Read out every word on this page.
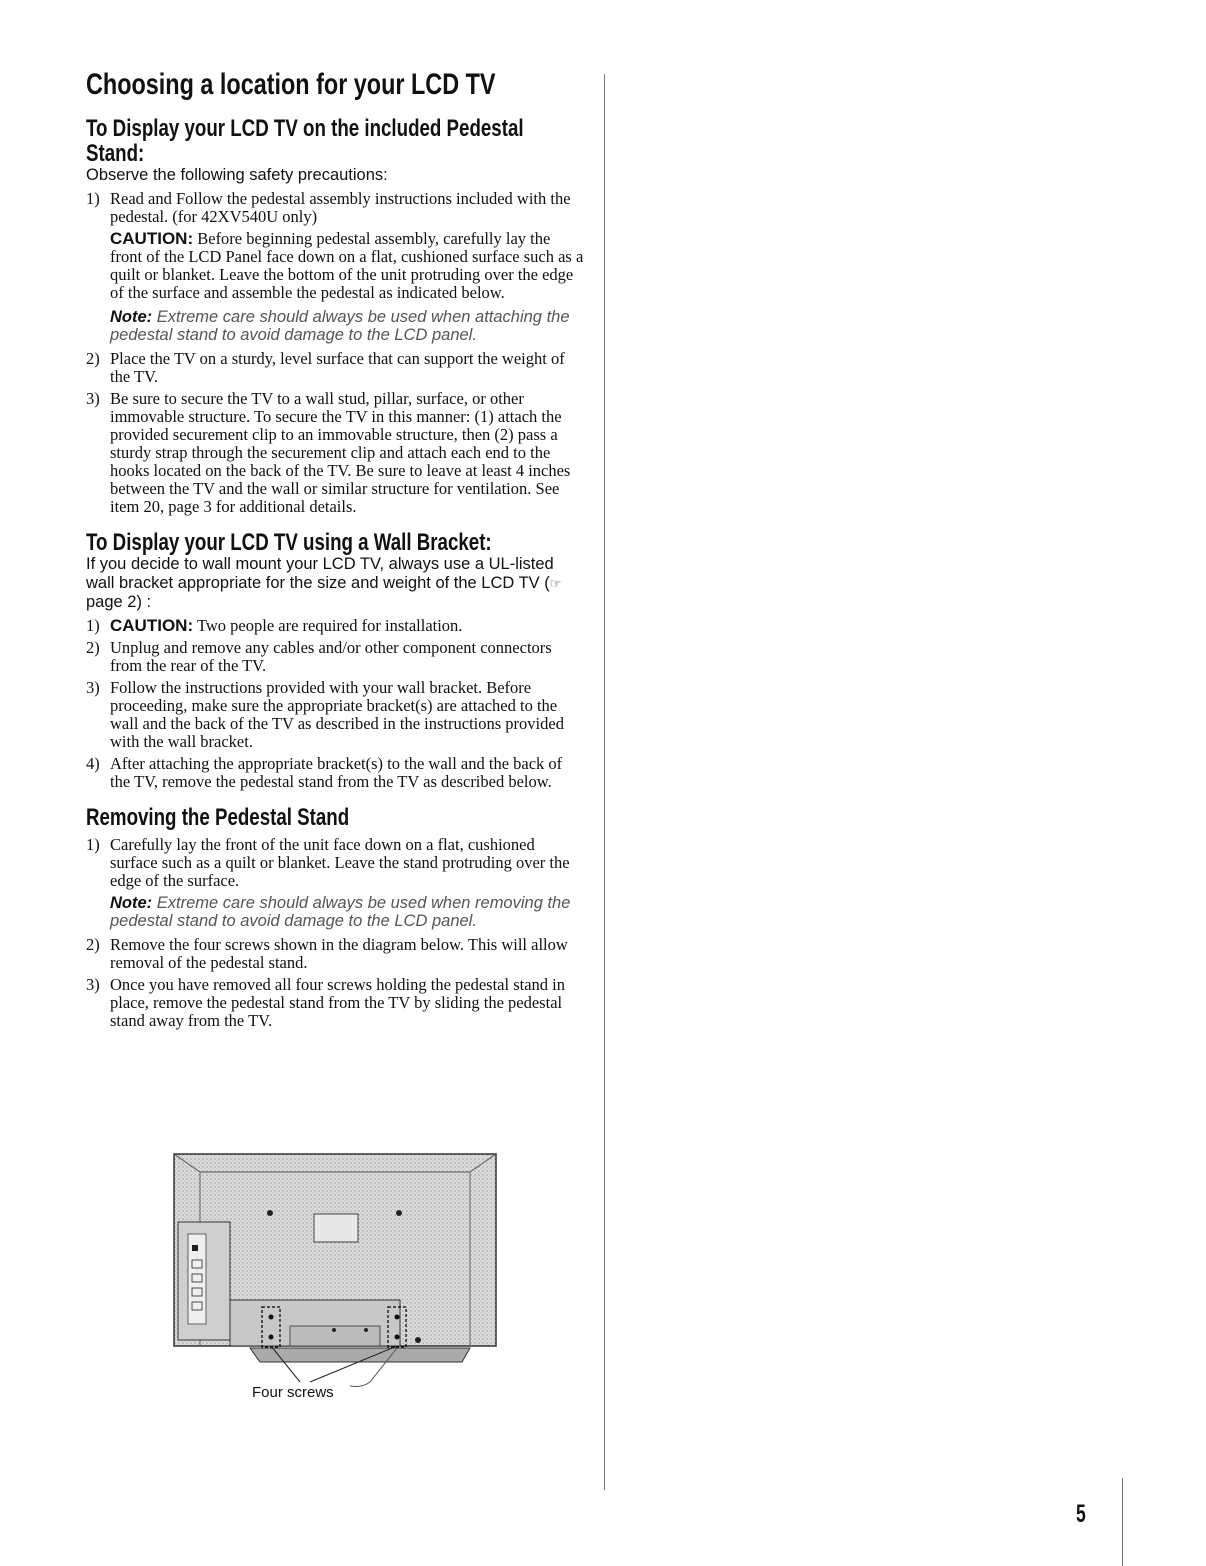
Choosing a location for your LCD TV
To Display your LCD TV on the included Pedestal Stand:
Observe the following safety precautions:
1) Read and Follow the pedestal assembly instructions included with the pedestal. (for 42XV540U only)
CAUTION: Before beginning pedestal assembly, carefully lay the front of the LCD Panel face down on a flat, cushioned surface such as a quilt or blanket. Leave the bottom of the unit protruding over the edge of the surface and assemble the pedestal as indicated below.
Note: Extreme care should always be used when attaching the pedestal stand to avoid damage to the LCD panel.
2) Place the TV on a sturdy, level surface that can support the weight of the TV.
3) Be sure to secure the TV to a wall stud, pillar, surface, or other immovable structure. To secure the TV in this manner: (1) attach the provided securement clip to an immovable structure, then (2) pass a sturdy strap through the securement clip and attach each end to the hooks located on the back of the TV. Be sure to leave at least 4 inches between the TV and the wall or similar structure for ventilation. See item 20, page 3 for additional details.
To Display your LCD TV using a Wall Bracket:
If you decide to wall mount your LCD TV, always use a UL-listed wall bracket appropriate for the size and weight of the LCD TV (☞ page 2) :
1) CAUTION: Two people are required for installation.
2) Unplug and remove any cables and/or other component connectors from the rear of the TV.
3) Follow the instructions provided with your wall bracket. Before proceeding, make sure the appropriate bracket(s) are attached to the wall and the back of the TV as described in the instructions provided with the wall bracket.
4) After attaching the appropriate bracket(s) to the wall and the back of the TV, remove the pedestal stand from the TV as described below.
Removing the Pedestal Stand
1) Carefully lay the front of the unit face down on a flat, cushioned surface such as a quilt or blanket. Leave the stand protruding over the edge of the surface.
Note: Extreme care should always be used when removing the pedestal stand to avoid damage to the LCD panel.
2) Remove the four screws shown in the diagram below. This will allow removal of the pedestal stand.
3) Once you have removed all four screws holding the pedestal stand in place, remove the pedestal stand from the TV by sliding the pedestal stand away from the TV.
Four screws
5
